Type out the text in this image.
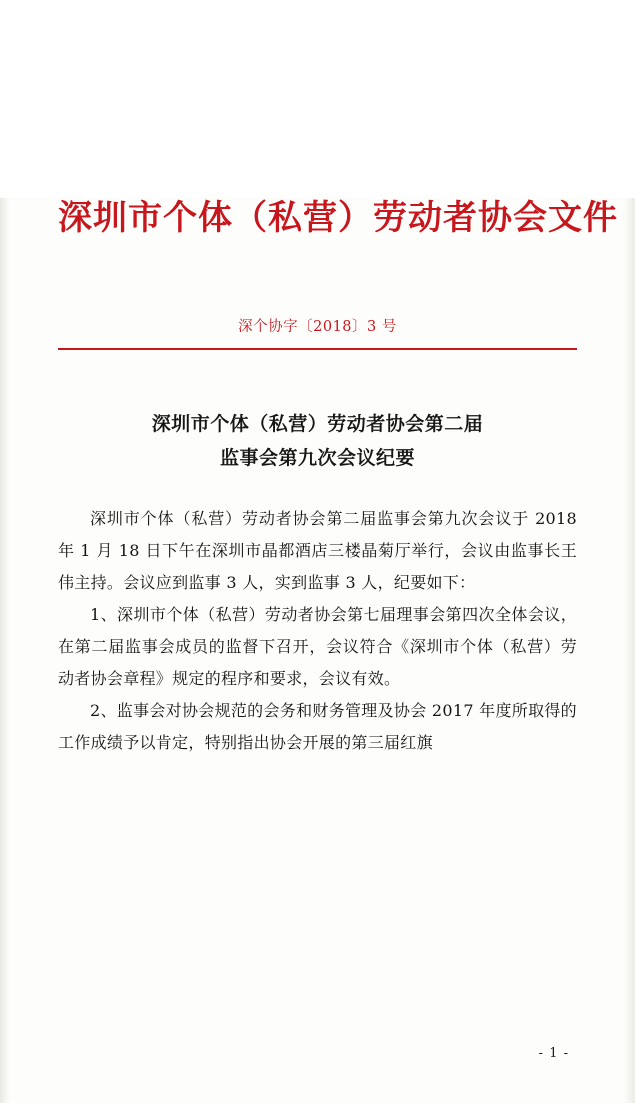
深圳市个体（私营）劳动者协会文件
深个协字〔2018〕3 号
深圳市个体（私营）劳动者协会第二届
监事会第九次会议纪要

深圳市个体（私营）劳动者协会第二届监事会第九次会议于 2018 年 1 月 18 日下午在深圳市晶都酒店三楼晶菊厅举行，会议由监事长王伟主持。会议应到监事 3 人，实到监事 3 人，纪要如下：

1、深圳市个体（私营）劳动者协会第七届理事会第四次全体会议，在第二届监事会成员的监督下召开，会议符合《深圳市个体（私营）劳动者协会章程》规定的程序和要求，会议有效。

2、监事会对协会规范的会务和财务管理及协会 2017 年度所取得的工作成绩予以肯定，特别指出协会开展的第三届红旗

- 1 -
